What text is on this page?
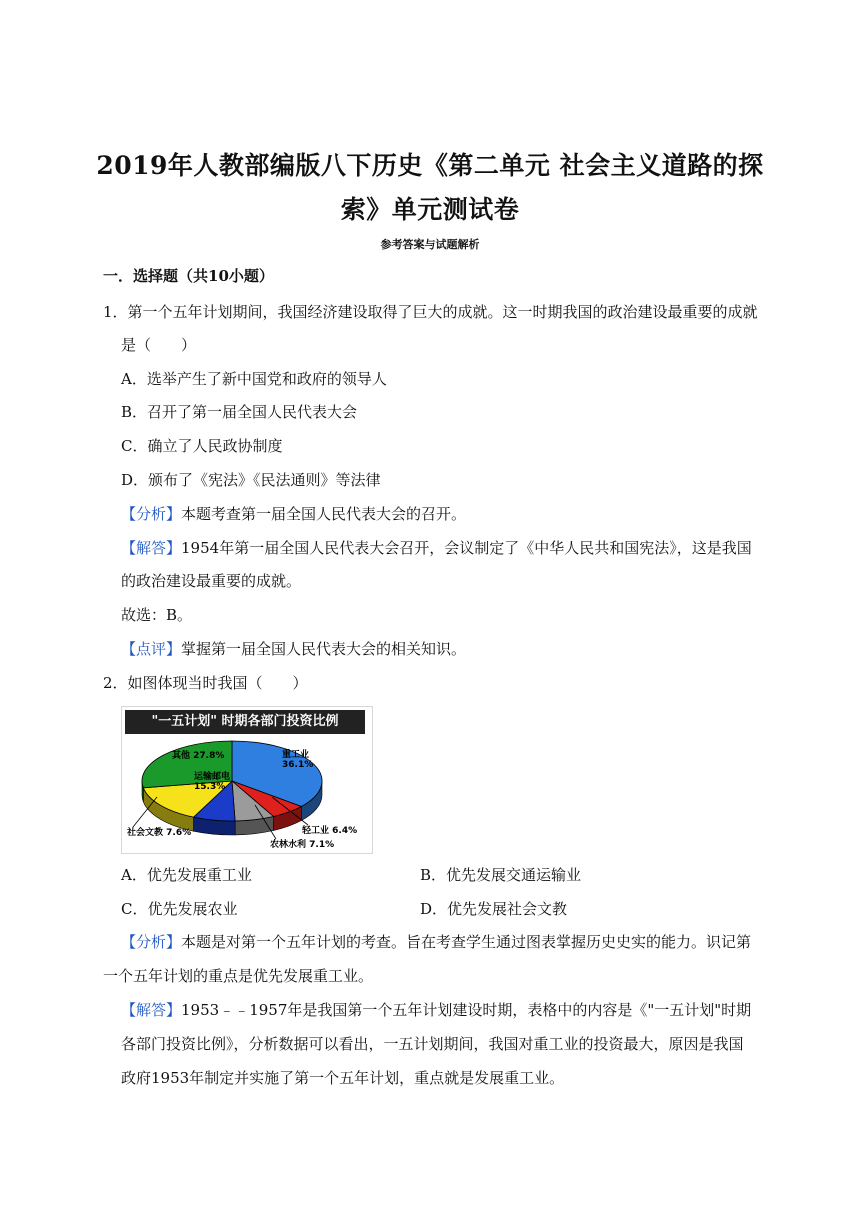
2019年人教部编版八下历史《第二单元 社会主义道路的探
索》单元测试卷
参考答案与试题解析
一．选择题（共10小题）
1．第一个五年计划期间，我国经济建设取得了巨大的成就。这一时期我国的政治建设最重要的成就
是（　　）
A．选举产生了新中国党和政府的领导人
B．召开了第一届全国人民代表大会
C．确立了人民政协制度
D．颁布了《宪法》《民法通则》等法律
【分析】本题考查第一届全国人民代表大会的召开。
【解答】1954年第一届全国人民代表大会召开，会议制定了《中华人民共和国宪法》，这是我国
的政治建设最重要的成就。
故选：B。
【点评】掌握第一届全国人民代表大会的相关知识。
2．如图体现当时我国（　　）
"一五计划" 时期各部门投资比例
重工业 36.1%
轻工业 6.4%
农林水利 7.1%
社会文教 7.6%
运输邮电 15.3%
其他 27.8%
A．优先发展重工业	B．优先发展交通运输业
C．优先发展农业	D．优先发展社会文教
【分析】本题是对第一个五年计划的考查。旨在考查学生通过图表掌握历史史实的能力。识记第
一个五年计划的重点是优先发展重工业。
【解答】1953﹣﹣1957年是我国第一个五年计划建设时期，表格中的内容是《"一五计划"时期
各部门投资比例》，分析数据可以看出，一五计划期间，我国对重工业的投资最大，原因是我国
政府1953年制定并实施了第一个五年计划，重点就是发展重工业。
